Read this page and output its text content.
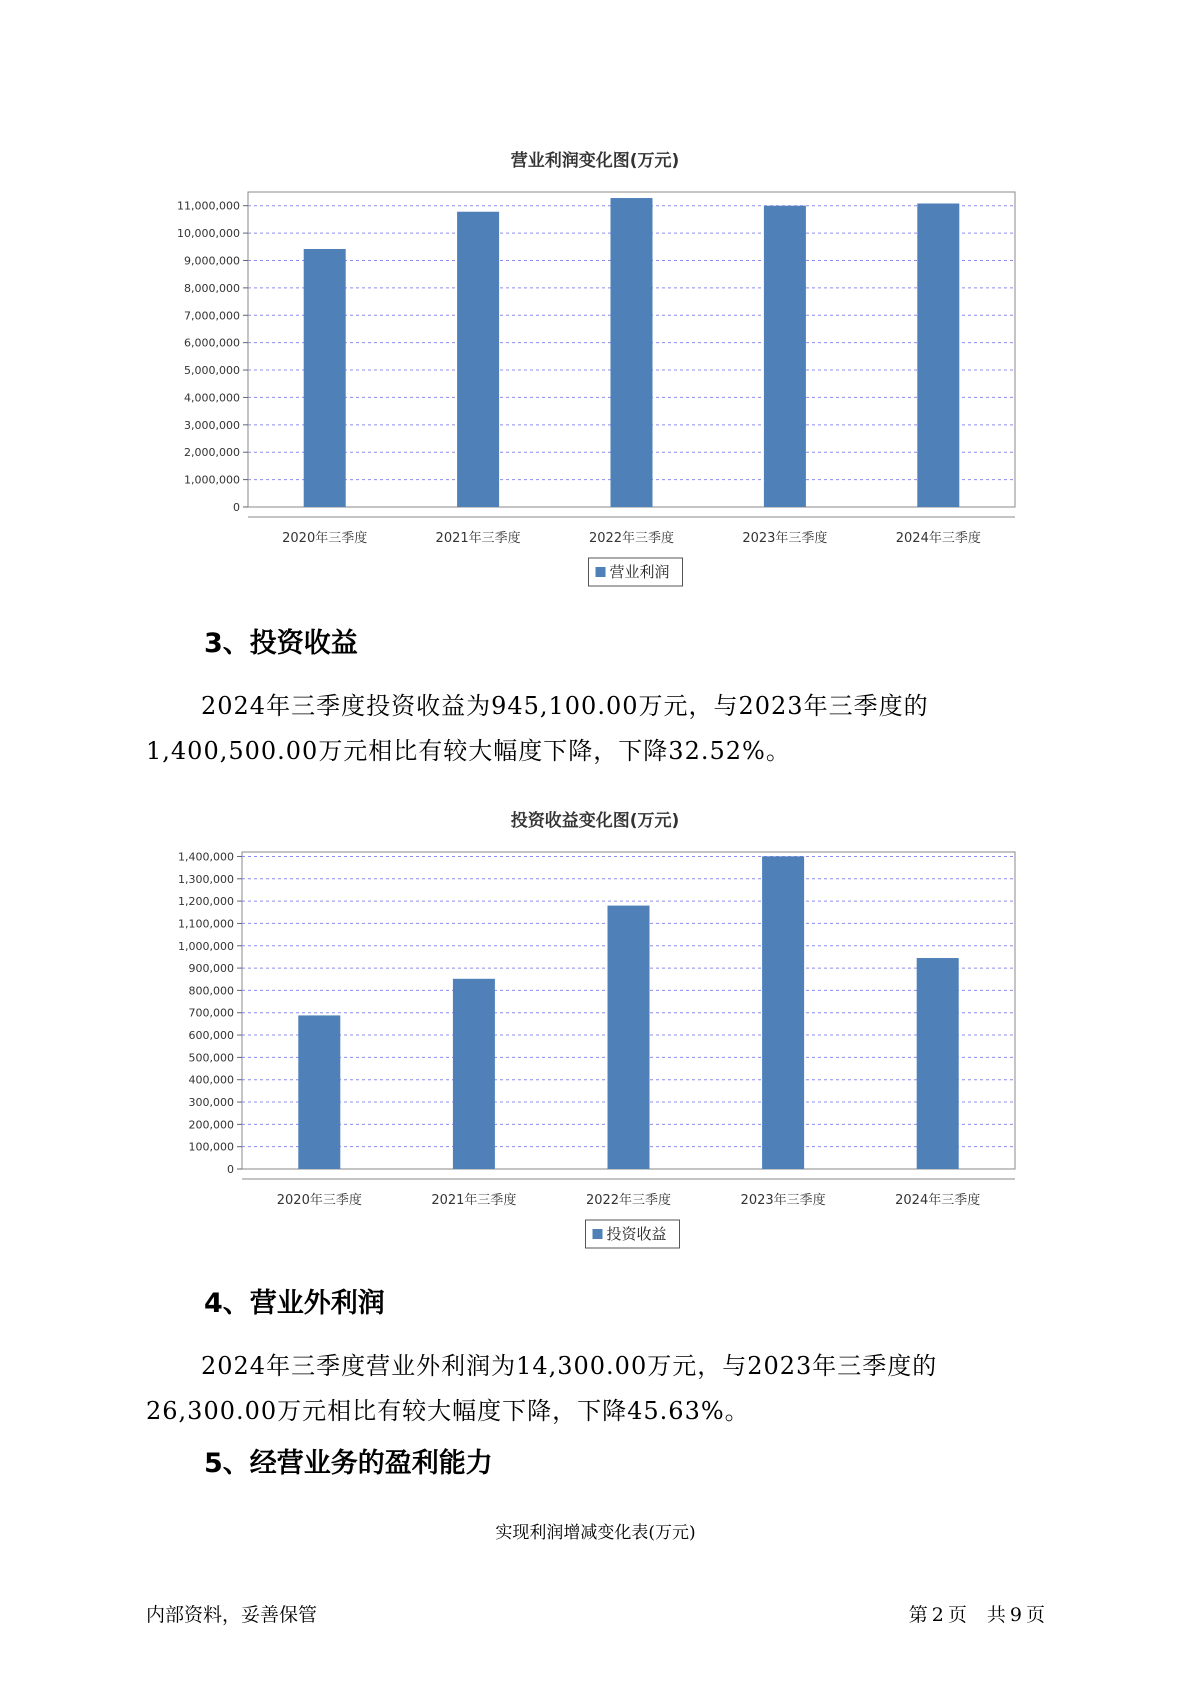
营业利润变化图(万元)
0
1,000,000
2,000,000
3,000,000
4,000,000
5,000,000
6,000,000
7,000,000
8,000,000
9,000,000
10,000,000
11,000,000
2020年三季度	2021年三季度	2022年三季度	2023年三季度	2024年三季度
营业利润
3、投资收益

2024年三季度投资收益为945,100.00万元，与2023年三季度的1,400,500.00万元相比有较大幅度下降，下降32.52%。

投资收益变化图(万元)
0
100,000
200,000
300,000
400,000
500,000
600,000
700,000
800,000
900,000
1,000,000
1,100,000
1,200,000
1,300,000
1,400,000
2020年三季度	2021年三季度	2022年三季度	2023年三季度	2024年三季度
投资收益
4、营业外利润

2024年三季度营业外利润为14,300.00万元，与2023年三季度的26,300.00万元相比有较大幅度下降，下降45.63%。

5、经营业务的盈利能力

实现利润增减变化表(万元)

内部资料，妥善保管	第 2 页 共 9 页
